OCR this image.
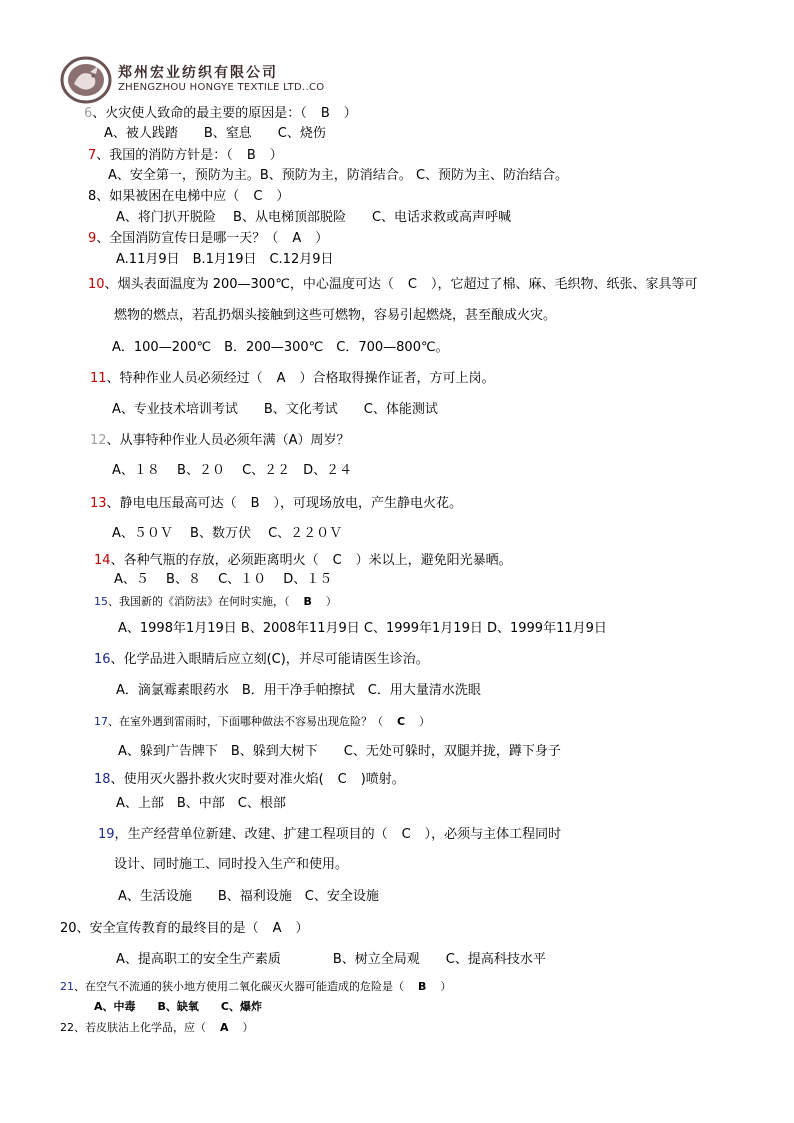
郑州宏业纺织有限公司
ZHENGZHOU HONGYE TEXTILE LTD..CO
6、火灾使人致命的最主要的原因是：（ B ）
A、被人践踏　　B、窒息　　C、烧伤
7、我国的消防方针是：（ B ）
A、安全第一，预防为主。B、预防为主，防消结合。 C、预防为主、防治结合。
8、如果被困在电梯中应（ C ）
A、将门扒开脱险　 B、从电梯顶部脱险　　C、电话求救或高声呼喊
9、全国消防宣传日是哪一天？（ A ）
A.11月9日　B.1月19日　C.12月9日
10、烟头表面温度为 200—300℃，中心温度可达（ C ），它超过了棉、麻、毛织物、纸张、家具等可
燃物的燃点，若乱扔烟头接触到这些可燃物，容易引起燃烧，甚至酿成火灾。
A．100—200℃　B．200—300℃　C．700—800℃。
11、特种作业人员必须经过（ A ）合格取得操作证者，方可上岗。
A、专业技术培训考试　　B、文化考试　　C、体能测试
12、从事特种作业人员必须年满（A）周岁？
A、１８　 B、２０　 C、２２　D、２４
13、静电电压最高可达（ B ），可现场放电，产生静电火花。
A、５０Ｖ　 B、数万伏　 C、２２０Ｖ
14、各种气瓶的存放，必须距离明火（ C ）米以上，避免阳光暴晒。
A、５　 B、８　 C、１０　 D、１５
15、我国新的《消防法》在何时实施，（ B ）
A、1998年1月19日 B、2008年11月9日 C、1999年1月19日 D、1999年11月9日
16、化学品进入眼睛后应立刻(C)，并尽可能请医生诊治。
A．滴氯霉素眼药水　B．用干净手帕擦拭　C．用大量清水洗眼
17、在室外遇到雷雨时，下面哪种做法不容易出现危险？（ C ）
A、躲到广告牌下　B、躲到大树下　　C、无处可躲时，双腿并拢，蹲下身子
18、使用灭火器扑救火灾时要对准火焰( C )喷射。
A、上部　B、中部　C、根部
19，生产经营单位新建、改建、扩建工程项目的（ C ），必须与主体工程同时
设计、同时施工、同时投入生产和使用。
A、生活设施　　B、福利设施　C、安全设施
20、安全宣传教育的最终目的是（ A ）
A、提高职工的安全生产素质　　　　B、树立全局观　　C、提高科技水平
21、在空气不流通的狭小地方使用二氧化碳灭火器可能造成的危险是（ B ）
A、中毒　　B、缺氧　　C、爆炸
22、若皮肤沾上化学品，应（ A ）
